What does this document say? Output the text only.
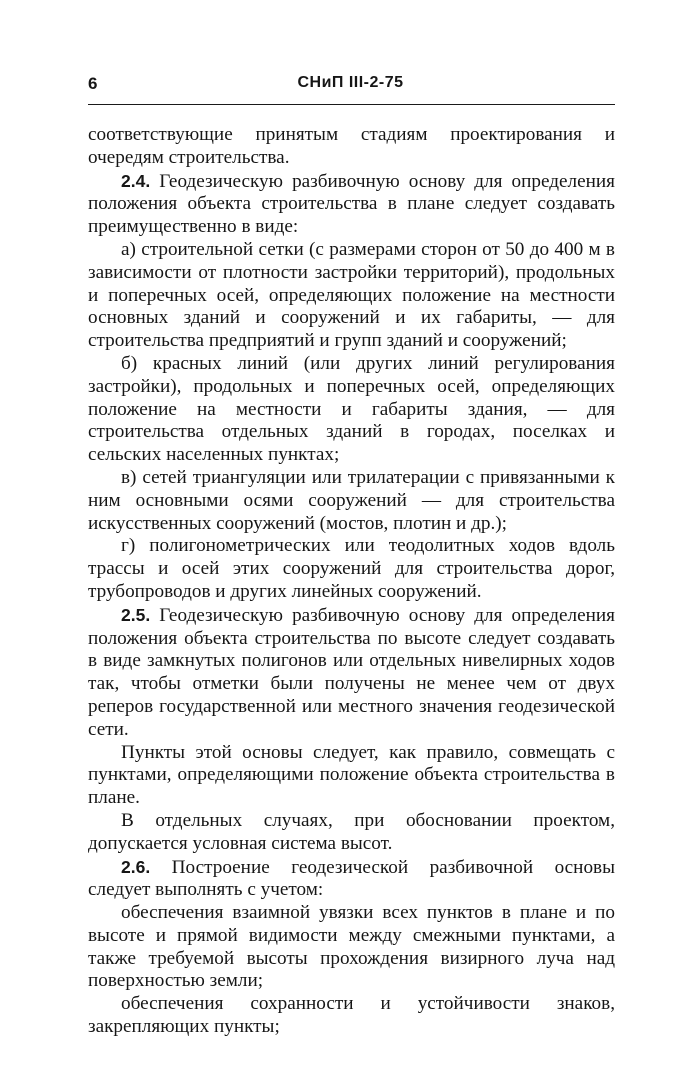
6	СНиП III-2-75

соответствующие принятым стадиям проектирования и очередям строительства.

2.4. Геодезическую разбивочную основу для определения положения объекта строительства в плане следует создавать преимущественно в виде:

а) строительной сетки (с размерами сторон от 50 до 400 м в зависимости от плотности застройки территорий), продольных и поперечных осей, определяющих положение на местности основных зданий и сооружений и их габариты, — для строительства предприятий и групп зданий и сооружений;

б) красных линий (или других линий регулирования застройки), продольных и поперечных осей, определяющих положение на местности и габариты здания, — для строительства отдельных зданий в городах, поселках и сельских населенных пунктах;

в) сетей триангуляции или трилатерации с привязанными к ним основными осями сооружений — для строительства искусственных сооружений (мостов, плотин и др.);

г) полигонометрических или теодолитных ходов вдоль трассы и осей этих сооружений для строительства дорог, трубопроводов и других линейных сооружений.

2.5. Геодезическую разбивочную основу для определения положения объекта строительства по высоте следует создавать в виде замкнутых полигонов или отдельных нивелирных ходов так, чтобы отметки были получены не менее чем от двух реперов государственной или местного значения геодезической сети.

Пункты этой основы следует, как правило, совмещать с пунктами, определяющими положение объекта строительства в плане.

В отдельных случаях, при обосновании проектом, допускается условная система высот.

2.6. Построение геодезической разбивочной основы следует выполнять с учетом:

обеспечения взаимной увязки всех пунктов в плане и по высоте и прямой видимости между смежными пунктами, а также требуемой высоты прохождения визирного луча над поверхностью земли;

обеспечения сохранности и устойчивости знаков, закрепляющих пункты;
